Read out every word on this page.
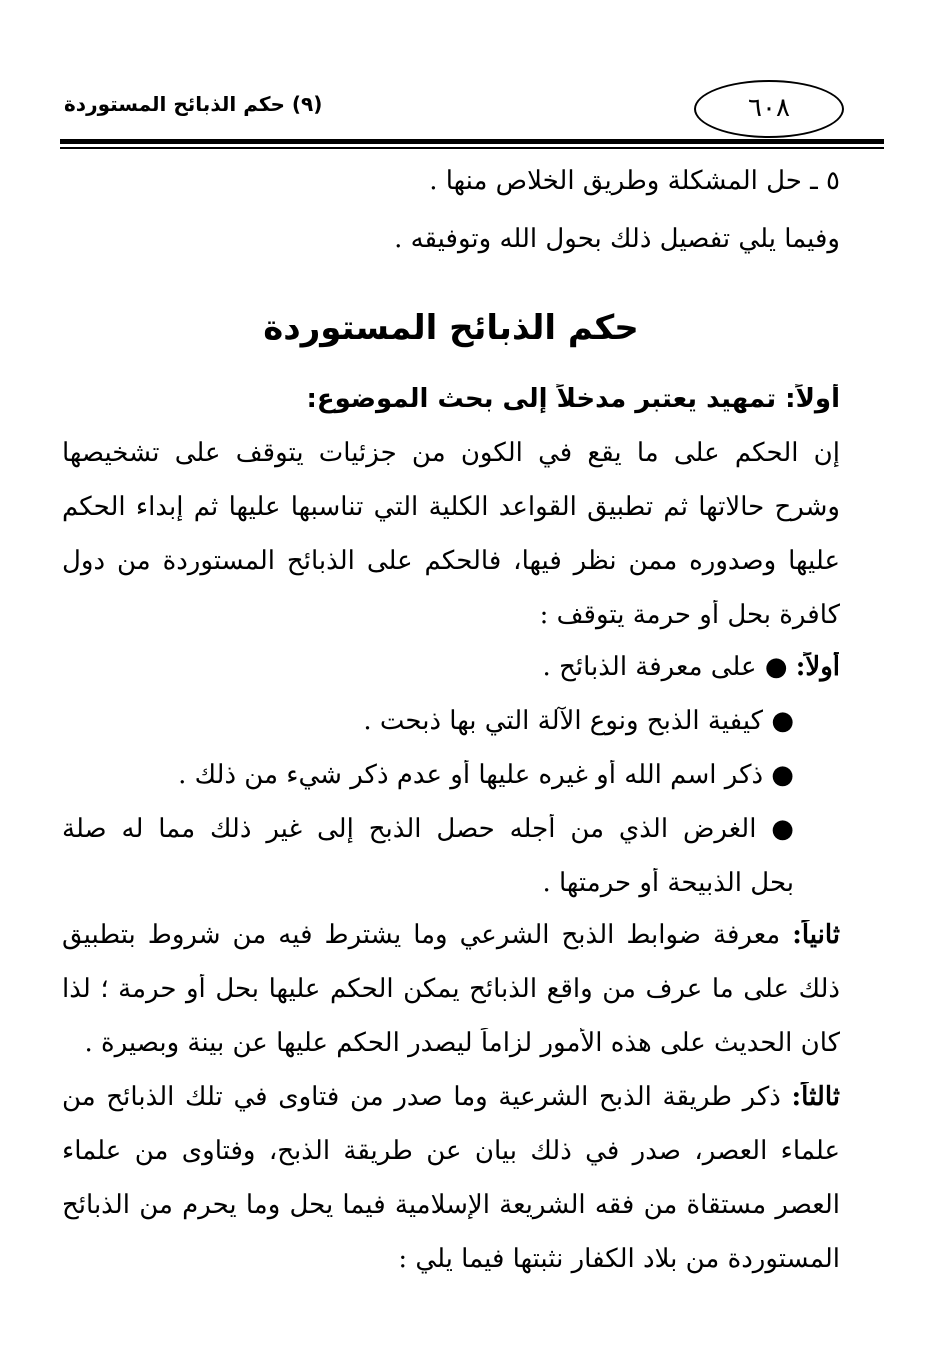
(٩) حكم الذبائح المستوردة	٦٠٨
٥ ـ حل المشكلة وطريق الخلاص منها .
وفيما يلي تفصيل ذلك بحول الله وتوفيقه .
حكم الذبائح المستوردة
أولاً: تمهيد يعتبر مدخلاً إلى بحث الموضوع:
إن الحكم على ما يقع في الكون من جزئيات يتوقف على تشخيصها
وشرح حالاتها ثم تطبيق القواعد الكلية التي تناسبها عليها ثم إبداء الحكم
عليها وصدوره ممن نظر فيها، فالحكم على الذبائح المستوردة من دول
كافرة بحل أو حرمة يتوقف :
أولاً: ● على معرفة الذبائح .
● كيفية الذبح ونوع الآلة التي بها ذبحت .
● ذكر اسم الله أو غيره عليها أو عدم ذكر شيء من ذلك .
● الغرض الذي من أجله حصل الذبح إلى غير ذلك مما له صلة
بحل الذبيحة أو حرمتها .
ثانياً: معرفة ضوابط الذبح الشرعي وما يشترط فيه من شروط بتطبيق
ذلك على ما عرف من واقع الذبائح يمكن الحكم عليها بحل أو حرمة ؛ لذا
كان الحديث على هذه الأمور لزاماً ليصدر الحكم عليها عن بينة وبصيرة .
ثالثاً: ذكر طريقة الذبح الشرعية وما صدر من فتاوى في تلك الذبائح من
علماء العصر، صدر في ذلك بيان عن طريقة الذبح، وفتاوى من علماء
العصر مستقاة من فقه الشريعة الإسلامية فيما يحل وما يحرم من الذبائح
المستوردة من بلاد الكفار نثبتها فيما يلي :
